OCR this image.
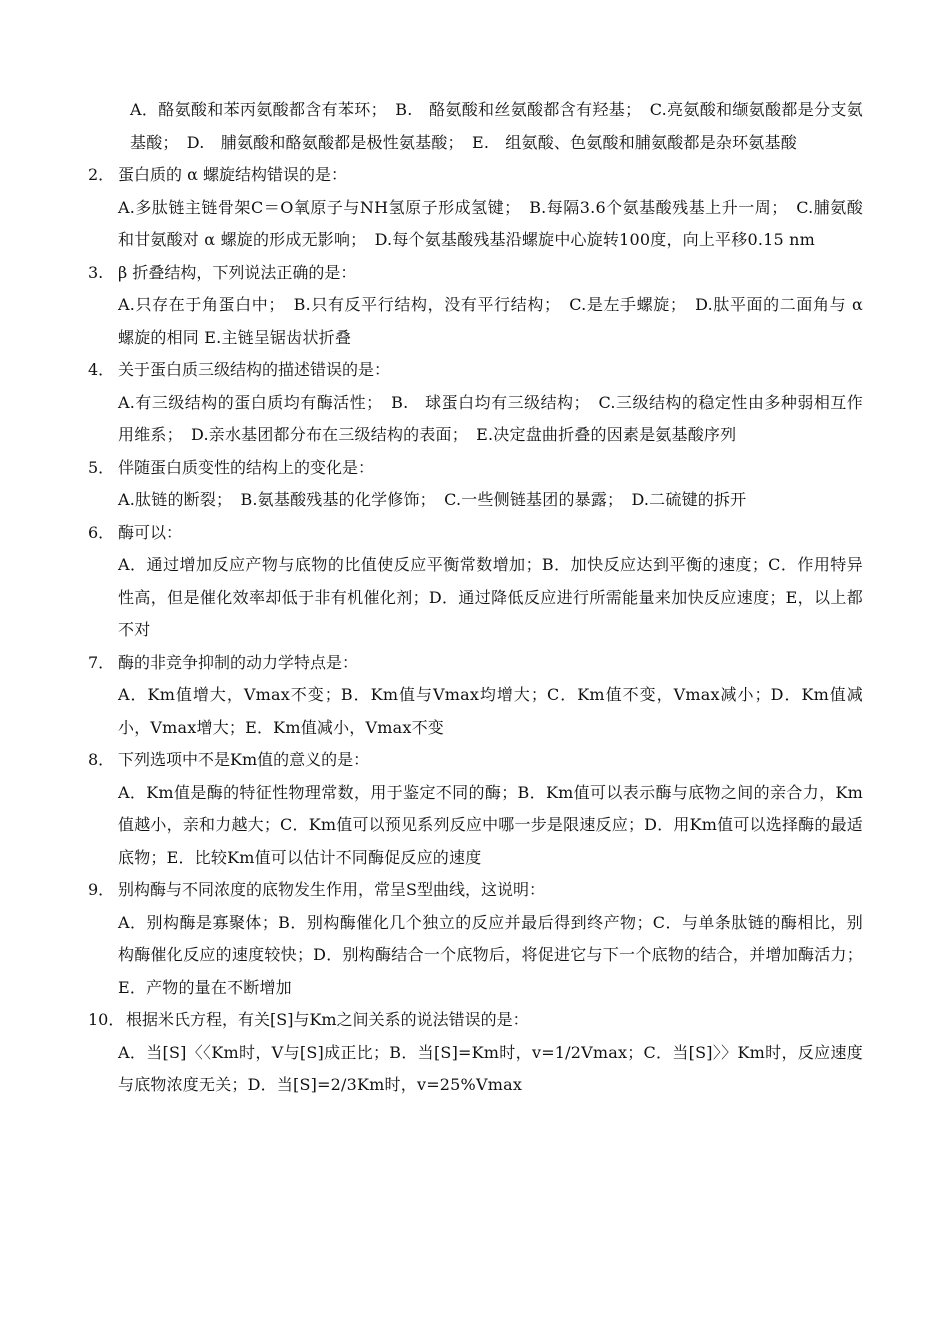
A．酪氨酸和苯丙氨酸都含有苯环；　B.　酪氨酸和丝氨酸都含有羟基；　C.亮氨酸和缬氨酸都是分支氨基酸；　D.　脯氨酸和酪氨酸都是极性氨基酸；　E.　组氨酸、色氨酸和脯氨酸都是杂环氨基酸

2． 蛋白质的 α 螺旋结构错误的是：

A.多肽链主链骨架C＝O氧原子与NH氢原子形成氢键；　B.每隔3.6个氨基酸残基上升一周；　C.脯氨酸和甘氨酸对 α 螺旋的形成无影响；　D.每个氨基酸残基沿螺旋中心旋转100度，向上平移0.15 nm

3. β 折叠结构，下列说法正确的是：

A.只存在于角蛋白中；　B.只有反平行结构，没有平行结构；　C.是左手螺旋；　D.肽平面的二面角与 α 螺旋的相同 E.主链呈锯齿状折叠

4． 关于蛋白质三级结构的描述错误的是：

A.有三级结构的蛋白质均有酶活性；　B.　球蛋白均有三级结构；　C.三级结构的稳定性由多种弱相互作用维系；　D.亲水基团都分布在三级结构的表面；　E.决定盘曲折叠的因素是氨基酸序列

5． 伴随蛋白质变性的结构上的变化是：

A.肽链的断裂；　B.氨基酸残基的化学修饰；　C.一些侧链基团的暴露；　D.二硫键的拆开

6． 酶可以：

A．通过增加反应产物与底物的比值使反应平衡常数增加；B．加快反应达到平衡的速度；C．作用特异性高，但是催化效率却低于非有机催化剂；D．通过降低反应进行所需能量来加快反应速度；E，以上都不对

7． 酶的非竞争抑制的动力学特点是：

A．Km值增大，Vmax不变；B．Km值与Vmax均增大；C．Km值不变，Vmax减小；D．Km值减小，Vmax增大；E．Km值减小，Vmax不变

8． 下列选项中不是Km值的意义的是：

A．Km值是酶的特征性物理常数，用于鉴定不同的酶；B．Km值可以表示酶与底物之间的亲合力，Km值越小，亲和力越大；C．Km值可以预见系列反应中哪一步是限速反应；D．用Km值可以选择酶的最适底物；E．比较Km值可以估计不同酶促反应的速度

9． 别构酶与不同浓度的底物发生作用，常呈S型曲线，这说明：

A．别构酶是寡聚体；B．别构酶催化几个独立的反应并最后得到终产物；C．与单条肽链的酶相比，别构酶催化反应的速度较快；D．别构酶结合一个底物后，将促进它与下一个底物的结合，并增加酶活力；E．产物的量在不断增加

10． 根据米氏方程，有关[S]与Km之间关系的说法错误的是：

A．当[S]〈〈Km时，V与[S]成正比；B．当[S]=Km时，v=1/2Vmax；C．当[S]〉〉Km时，反应速度与底物浓度无关；D．当[S]=2/3Km时，v=25%Vmax
